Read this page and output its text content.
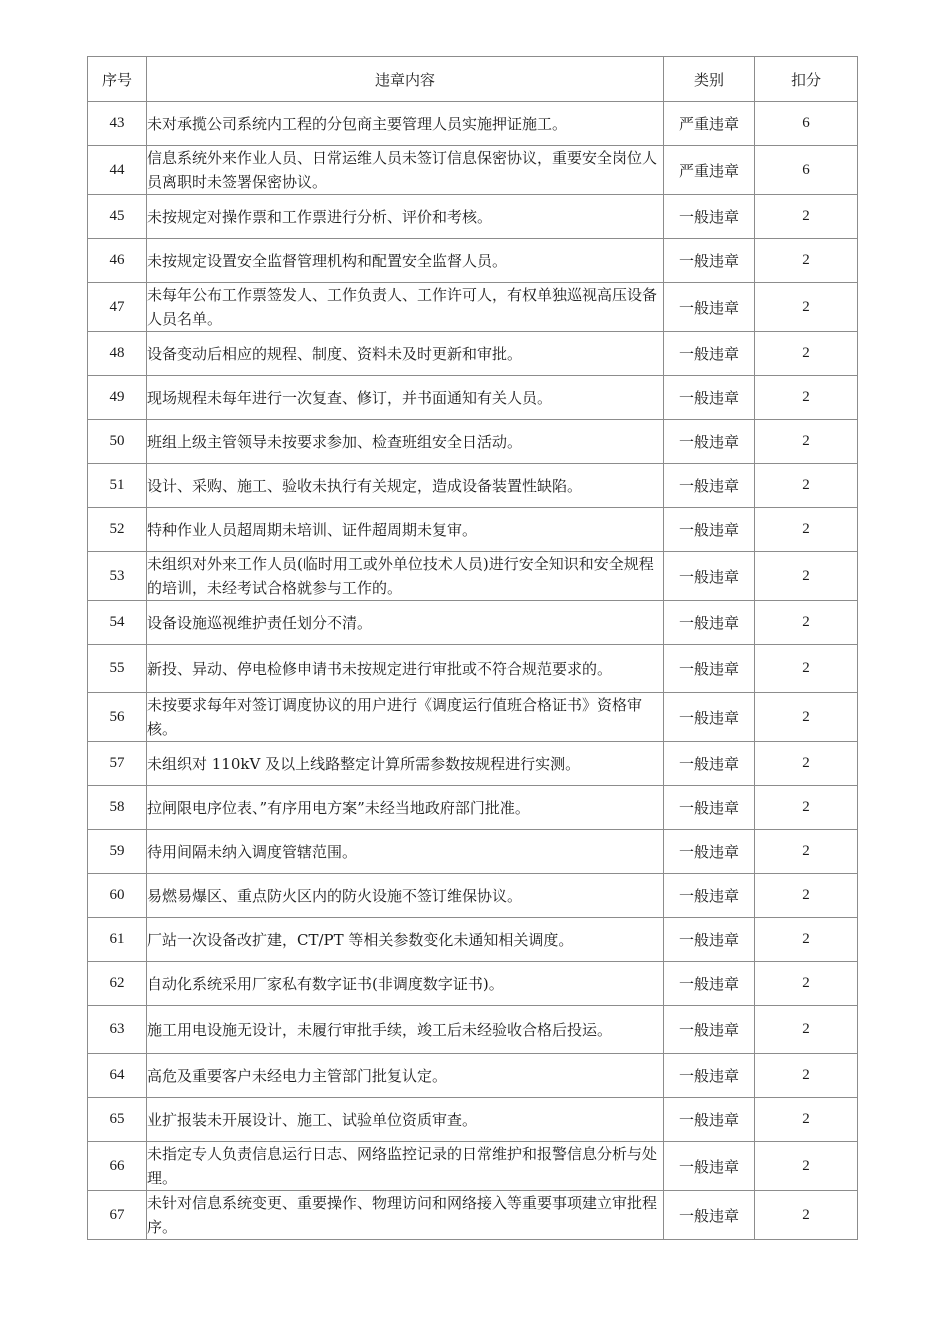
序号	违章内容	类别	扣分
43	未对承揽公司系统内工程的分包商主要管理人员实施押证施工。	严重违章	6
44	信息系统外来作业人员、日常运维人员未签订信息保密协议，重要安全岗位人员离职时未签署保密协议。	严重违章	6
45	未按规定对操作票和工作票进行分析、评价和考核。	一般违章	2
46	未按规定设置安全监督管理机构和配置安全监督人员。	一般违章	2
47	未每年公布工作票签发人、工作负责人、工作许可人，有权单独巡视高压设备人员名单。	一般违章	2
48	设备变动后相应的规程、制度、资料未及时更新和审批。	一般违章	2
49	现场规程未每年进行一次复查、修订，并书面通知有关人员。	一般违章	2
50	班组上级主管领导未按要求参加、检查班组安全日活动。	一般违章	2
51	设计、采购、施工、验收未执行有关规定，造成设备装置性缺陷。	一般违章	2
52	特种作业人员超周期未培训、证件超周期未复审。	一般违章	2
53	未组织对外来工作人员(临时用工或外单位技术人员)进行安全知识和安全规程的培训，未经考试合格就参与工作的。	一般违章	2
54	设备设施巡视维护责任划分不清。	一般违章	2
55	新投、异动、停电检修申请书未按规定进行审批或不符合规范要求的。	一般违章	2
56	未按要求每年对签订调度协议的用户进行《调度运行值班合格证书》资格审核。	一般违章	2
57	未组织对 110kV 及以上线路整定计算所需参数按规程进行实测。	一般违章	2
58	拉闸限电序位表、”有序用电方案”未经当地政府部门批准。	一般违章	2
59	待用间隔未纳入调度管辖范围。	一般违章	2
60	易燃易爆区、重点防火区内的防火设施不签订维保协议。	一般违章	2
61	厂站一次设备改扩建，CT/PT 等相关参数变化未通知相关调度。	一般违章	2
62	自动化系统采用厂家私有数字证书(非调度数字证书)。	一般违章	2
63	施工用电设施无设计，未履行审批手续，竣工后未经验收合格后投运。	一般违章	2
64	高危及重要客户未经电力主管部门批复认定。	一般违章	2
65	业扩报装未开展设计、施工、试验单位资质审查。	一般违章	2
66	未指定专人负责信息运行日志、网络监控记录的日常维护和报警信息分析与处理。	一般违章	2
67	未针对信息系统变更、重要操作、物理访问和网络接入等重要事项建立审批程序。	一般违章	2
